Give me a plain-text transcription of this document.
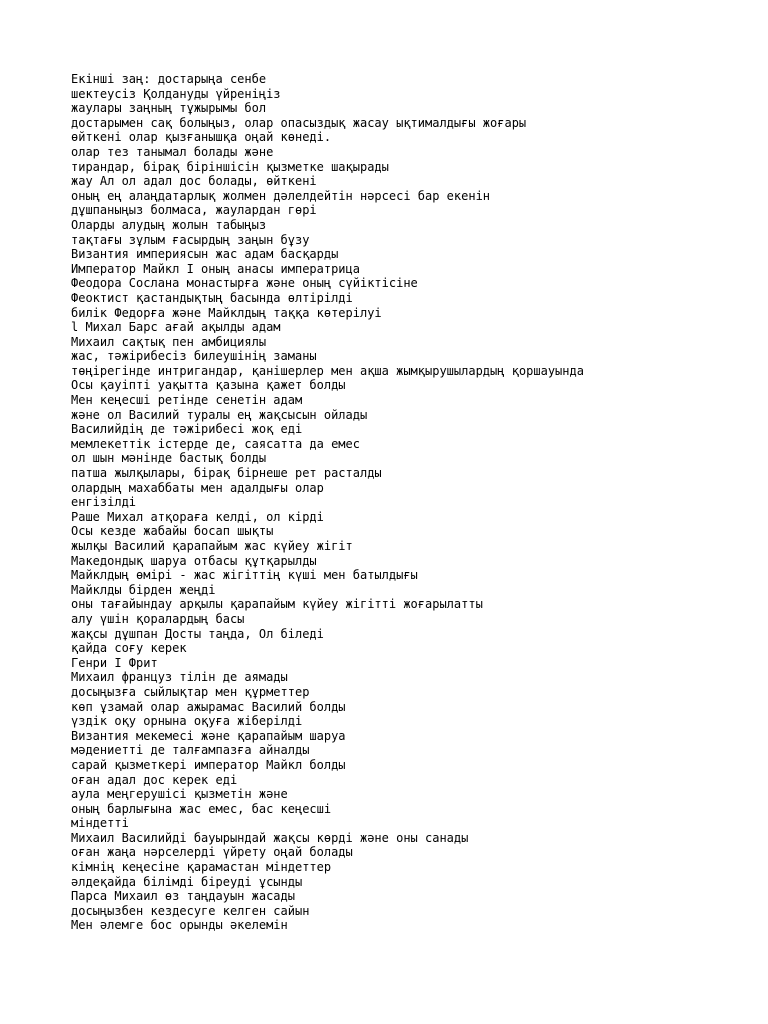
Екінші заң: достарыңа сенбе

шектеусіз Қолдануды үйреніңіз

жаулары заңның тұжырымы бол

достарымен сақ болыңыз, олар опасыздық жасау ықтималдығы жоғары

өйткені олар қызғанышқа оңай көнеді.

олар тез танымал болады және

тирандар, бірақ біріншісін қызметке шақырады

жау Ал ол адал дос болады, өйткені

оның ең алаңдатарлық жолмен дәлелдейтін нәрсесі бар екенін

дұшпаныңыз болмаса, жаулардан гөрі

Оларды алудың жолын табыңыз

тақтағы зұлым ғасырдың заңын бұзу

Византия империясын жас адам басқарды

Император Майкл I оның анасы императрица

Феодора Сослана монастырға және оның сүйіктісіне

Феоктист қастандықтың басында өлтірілді

билік Федорға және Майклдың таққа көтерілуі

l Михал Барс ағай ақылды адам

Михаил сақтық пен амбициялы

жас, тәжірибесіз билеушінің заманы

төңірегінде интригандар, қанішерлер мен ақша жымқырушылардың қоршауында

Осы қауіпті уақытта қазына қажет болды

Мен кеңесші ретінде сенетін адам

және ол Василий туралы ең жақсысын ойлады

Василийдің де тәжірибесі жоқ еді

мемлекеттік істерде де, саясатта да емес

ол шын мәнінде бастық болды

патша жылқылары, бірақ бірнеше рет расталды

олардың махаббаты мен адалдығы олар

енгізілді

Раше Михал атқораға келді, ол кірді

Осы кезде жабайы босап шықты

жылқы Василий қарапайым жас күйеу жігіт

Македондық шаруа отбасы құтқарылды

Майклдың өмірі - жас жігіттің күші мен батылдығы

Майклды бірден жеңді

оны тағайындау арқылы қарапайым күйеу жігітті жоғарылатты

алу үшін қоралардың басы

жақсы дұшпан Досты таңда, Ол біледі

қайда соғу керек

Генри I Фрит

Михаил француз тілін де аямады

досыңызға сыйлықтар мен құрметтер

көп ұзамай олар ажырамас Василий болды

үздік оқу орнына оқуға жіберілді

Византия мекемесі және қарапайым шаруа

мәдениетті де талғампазға айналды

сарай қызметкері император Майкл болды

оған адал дос керек еді

аула меңгерушісі қызметін және

оның барлығына жас емес, бас кеңесші

міндетті

Михаил Василийді бауырындай жақсы көрді және оны санады

оған жаңа нәрселерді үйрету оңай болады

кімнің кеңесіне қарамастан міндеттер

әлдеқайда білімді біреуді ұсынды

Парса Михаил өз таңдауын жасады

досыңызбен кездесуге келген сайын

Мен әлемге бос орынды әкелемін
